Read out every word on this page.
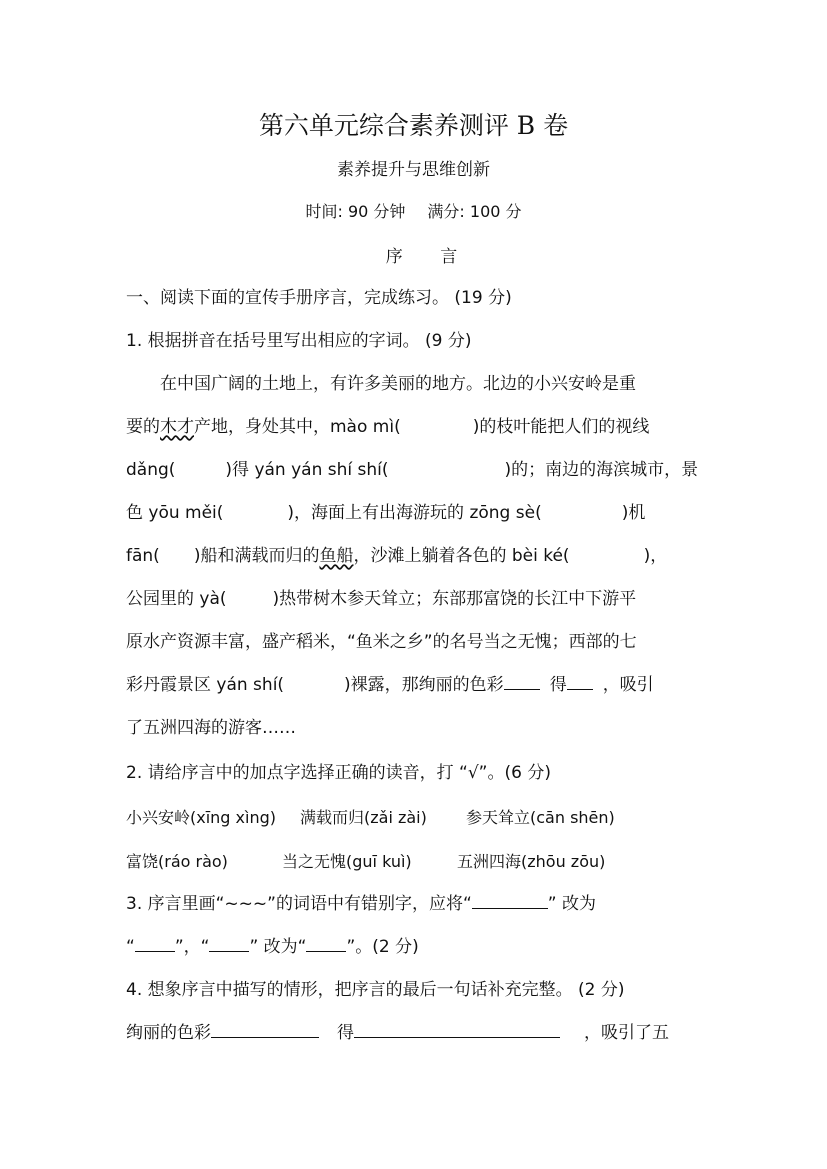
第六单元综合素养测评 B 卷
素养提升与思维创新
时间: 90 分钟 满分: 100 分
序 言
一、阅读下面的宣传手册序言，完成练习。 (19 分)
1. 根据拼音在括号里写出相应的字词。 (9 分)
在中国广阔的土地上，有许多美丽的地方。北边的小兴安岭是重
要的木才产地，身处其中，mào mì(	)的枝叶能把人们的视线
dǎng(	)得 yán yán shí shí(	)的；南边的海滨城市，景
色 yōu měi(	)，海面上有出海游玩的 zōng sè(	)机
fān( )船和满载而归的鱼船，沙滩上躺着各色的 bèi ké(	)，
公园里的 yà(	)热带树木参天耸立；东部那富饶的长江中下游平
原水产资源丰富，盛产稻米，“鱼米之乡”的名号当之无愧；西部的七
彩丹霞景区 yán shí(	)裸露，那绚丽的色彩	得 ，吸引
了五洲四海的游客……
2. 请给序言中的加点字选择正确的读音，打 “√”。(6 分)
小兴安岭(xīng xìng) 满载而归(zǎi zài) 参天耸立(cān shēn)
富饶(ráo rào)	当之无愧(guī kuì)	五洲四海(zhōu zōu)
3. 序言里画“~~~”的词语中有错别字，应将“	” 改为
“ ”，“ ” 改为“ ”。(2 分)
4. 想象序言中描写的情形，把序言的最后一句话补充完整。 (2 分)
绚丽的色彩	得	，吸引了五
